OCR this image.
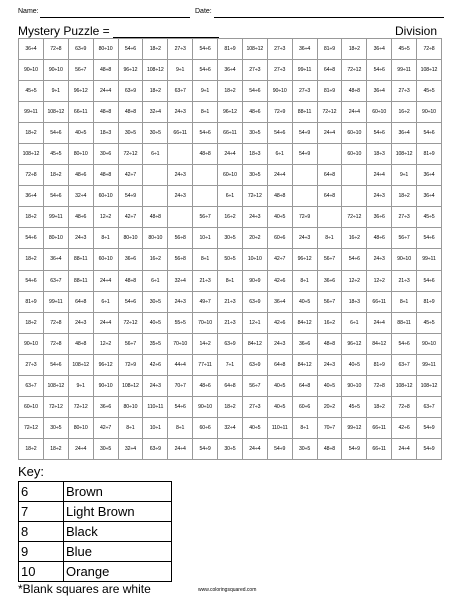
Name:	Date:
Mystery Puzzle =	Division
36÷4	72÷8	63÷9	80÷10	54÷6	18÷2	27÷3	54÷6	81÷9	108÷12	27÷3	36÷4	81÷9	18÷2	36÷4	45÷5	72÷8
90÷10	90÷10	56÷7	48÷8	96÷12	108÷12	9÷1	54÷6	36÷4	27÷3	27÷3	99÷11	64÷8	72÷12	54÷6	99÷11	108÷12
45÷5	9÷1	96÷12	24÷4	63÷9	18÷2	63÷7	9÷1	18÷2	54÷6	90÷10	27÷3	81÷9	48÷8	36÷4	27÷3	45÷5
99÷11	108÷12	66÷11	48÷8	48÷8	32÷4	24÷3	8÷1	96÷12	48÷6	72÷9	88÷11	72÷12	24÷4	60÷10	16÷2	90÷10
18÷2	54÷6	40÷5	18÷3	30÷5	30÷5	66÷11	54÷6	66÷11	30÷5	54÷6	54÷9	24÷4	60÷10	54÷6	36÷4	54÷6
108÷12	45÷5	80÷10	30÷6	72÷12	6÷1		48÷8	24÷4	18÷3	6÷1	54÷9		60÷10	18÷3	108÷12	81÷9
72÷8	18÷2	48÷6	48÷8	42÷7		24÷3		60÷10	30÷5	24÷4		64÷8		24÷4	9÷1	36÷4
36÷4	54÷6	32÷4	60÷10	54÷9		24÷3		6÷1	72÷12	48÷8		64÷8		24÷3	18÷2	36÷4
18÷2	99÷11	48÷6	12÷2	42÷7	48÷8		56÷7	16÷2	24÷3	40÷5	72÷9		72÷12	36÷6	27÷3	45÷5
54÷6	80÷10	24÷3	8÷1	80÷10	80÷10	56÷8	10÷1	30÷5	20÷2	60÷6	24÷3	8÷1	16÷2	48÷6	56÷7	54÷6
18÷2	36÷4	88÷11	60÷10	36÷6	16÷2	56÷8	8÷1	50÷5	10÷10	42÷7	96÷12	56÷7	54÷6	24÷3	90÷10	99÷11
54÷6	63÷7	88÷11	24÷4	48÷8	6÷1	32÷4	21÷3	8÷1	90÷9	42÷6	8÷1	36÷6	12÷2	12÷2	21÷3	54÷6
81÷9	99÷11	64÷8	6÷1	54÷6	30÷5	24÷3	49÷7	21÷3	63÷9	36÷4	40÷5	56÷7	18÷3	66÷11	8÷1	81÷9
18÷2	72÷8	24÷3	24÷4	72÷12	40÷5	55÷5	70÷10	21÷3	12÷1	42÷6	84÷12	16÷2	6÷1	24÷4	88÷11	45÷5
90÷10	72÷8	48÷8	12÷2	56÷7	35÷5	70÷10	14÷2	63÷9	84÷12	24÷3	36÷6	48÷8	96÷12	84÷12	54÷6	90÷10
27÷3	54÷6	108÷12	96÷12	72÷9	42÷6	44÷4	77÷11	7÷1	63÷9	64÷8	84÷12	24÷3	40÷5	81÷9	63÷7	99÷11
63÷7	108÷12	9÷1	90÷10	108÷12	24÷3	70÷7	48÷6	64÷8	56÷7	40÷5	64÷8	40÷5	90÷10	72÷8	108÷12	108÷12
60÷10	72÷12	72÷12	36÷6	80÷10	110÷11	54÷6	90÷10	18÷2	27÷3	40÷5	60÷6	20÷2	45÷5	18÷2	72÷8	63÷7
72÷12	30÷5	80÷10	42÷7	8÷1	10÷1	8÷1	60÷6	32÷4	40÷5	110÷11	8÷1	70÷7	99÷12	66÷11	42÷6	54÷9
18÷2	18÷2	24÷4	30÷5	32÷4	63÷9	24÷4	54÷9	30÷5	24÷4	54÷9	30÷5	48÷8	54÷9	66÷11	24÷4	54÷9
Key:
6	Brown
7	Light Brown
8	Black
9	Blue
10	Orange
*Blank squares are white	www.coloringsquared.com
